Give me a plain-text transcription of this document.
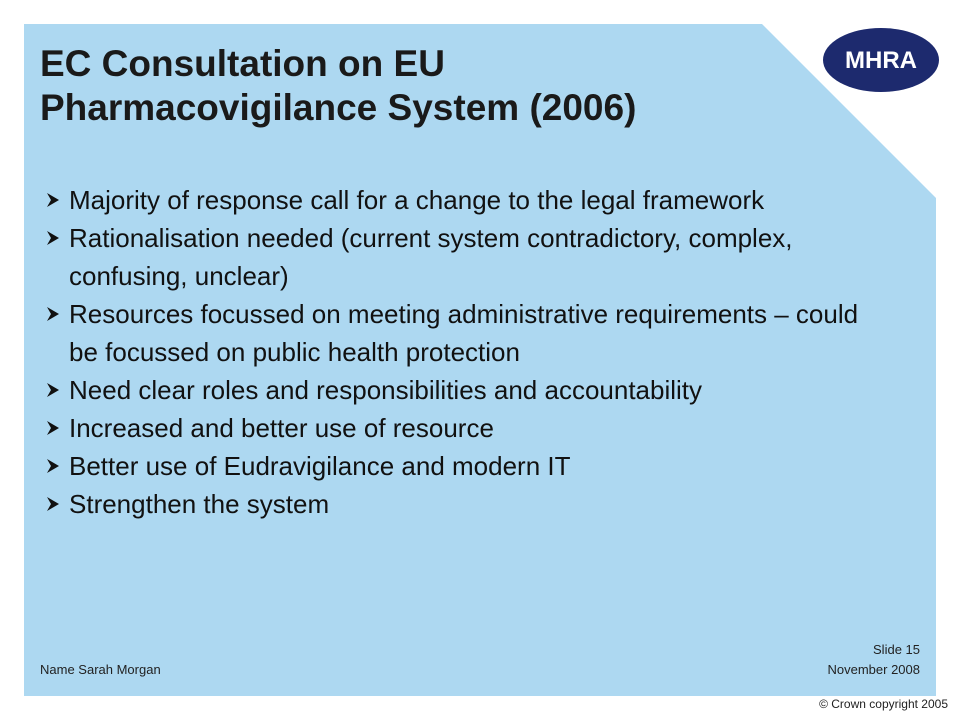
MHRA
EC Consultation on EU
Pharmacovigilance System (2006)
Majority of response call for a change to the legal framework
Rationalisation needed (current system contradictory, complex, confusing, unclear)
Resources focussed on meeting administrative requirements – could be focussed on public health protection
Need clear roles and responsibilities and accountability
Increased and better use of resource
Better use of Eudravigilance and modern IT
Strengthen the system
Slide 15
November 2008
Name Sarah Morgan
© Crown copyright 2005
